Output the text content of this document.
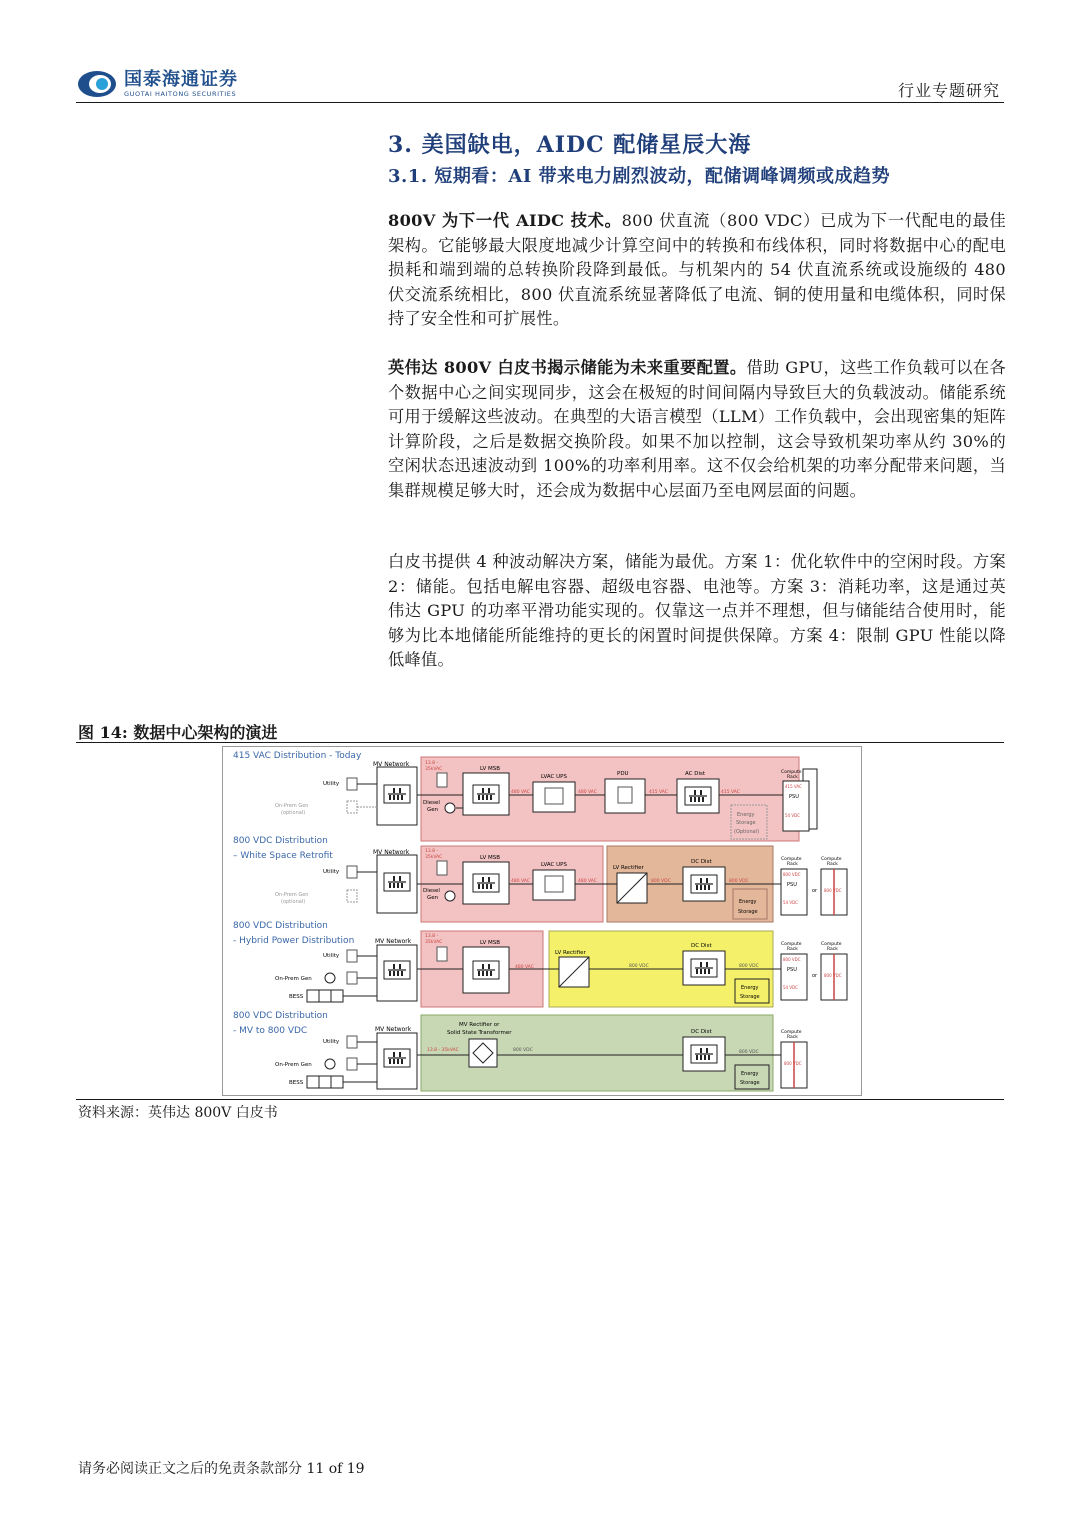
国泰海通证券
GUOTAI HAITONG SECURITIES	行业专题研究
3. 美国缺电，AIDC 配储星辰大海
3.1. 短期看：AI 带来电力剧烈波动，配储调峰调频或成趋势
800V 为下一代 AIDC 技术。800 伏直流（800 VDC）已成为下一代配电的最佳架构。它能够最大限度地减少计算空间中的转换和布线体积，同时将数据中心的配电损耗和端到端的总转换阶段降到最低。与机架内的 54 伏直流系统或设施级的 480 伏交流系统相比，800 伏直流系统显著降低了电流、铜的使用量和电缆体积，同时保持了安全性和可扩展性。
英伟达 800V 白皮书揭示储能为未来重要配置。借助 GPU，这些工作负载可以在各个数据中心之间实现同步，这会在极短的时间间隔内导致巨大的负载波动。储能系统可用于缓解这些波动。在典型的大语言模型（LLM）工作负载中，会出现密集的矩阵计算阶段，之后是数据交换阶段。如果不加以控制，这会导致机架功率从约 30%的空闲状态迅速波动到 100%的功率利用率。这不仅会给机架的功率分配带来问题，当集群规模足够大时，还会成为数据中心层面乃至电网层面的问题。
白皮书提供 4 种波动解决方案，储能为最优。方案 1：优化软件中的空闲时段。方案 2：储能。包括电解电容器、超级电容器、电池等。方案 3：消耗功率，这是通过英伟达 GPU 的功率平滑功能实现的。仅靠这一点并不理想，但与储能结合使用时，能够为比本地储能所能维持的更长的闲置时间提供保障。方案 4：限制 GPU 性能以降低峰值。
图 14: 数据中心架构的演进
415 VAC Distribution - Today
MV Network
Utility
On-Prem Gen
(optional)
13.8 -
35kVAC
Diesel
Gen
LV MSB
480 VAC
LVAC UPS
480 VAC
PDU
415 VAC
AC Dist
415 VAC
Energy
Storage
(Optional)
Compute
Rack
415 VAC
PSU
54 VDC
800 VDC Distribution
– White Space Retrofit	MV Network
Utility
On-Prem Gen
(optional)
13.8 -
35kVAC
Diesel
Gen
LV MSB
480 VAC
LVAC UPS
480 VAC
LV Rectifier
800 VDC
DC Dist
800 VDC
Energy
Storage
Compute
Rack
800 VDC
PSU
54 VDC
or
Compute
Rack
800 VDC
800 VDC Distribution
- Hybrid Power Distribution	MV Network
Utility
On-Prem Gen
BESS
13.8 -
35kVAC	LV MSB
480 VAC
LV Rectifier
800 VDC
DC Dist
800 VDC
Energy
Storage
Compute
Rack
800 VDC
PSU
54 VDC
or
Compute
Rack
800 VDC
800 VDC Distribution
- MV to 800 VDC	MV Network
Utility
On-Prem Gen
BESS
MV Rectifier or
Solid State Transformer
13.8 - 35kVAC	800 VDC
DC Dist
800 VDC
Energy
Storage
Compute
Rack
800 VDC
资料来源：英伟达 800V 白皮书
请务必阅读正文之后的免责条款部分 11 of 19
